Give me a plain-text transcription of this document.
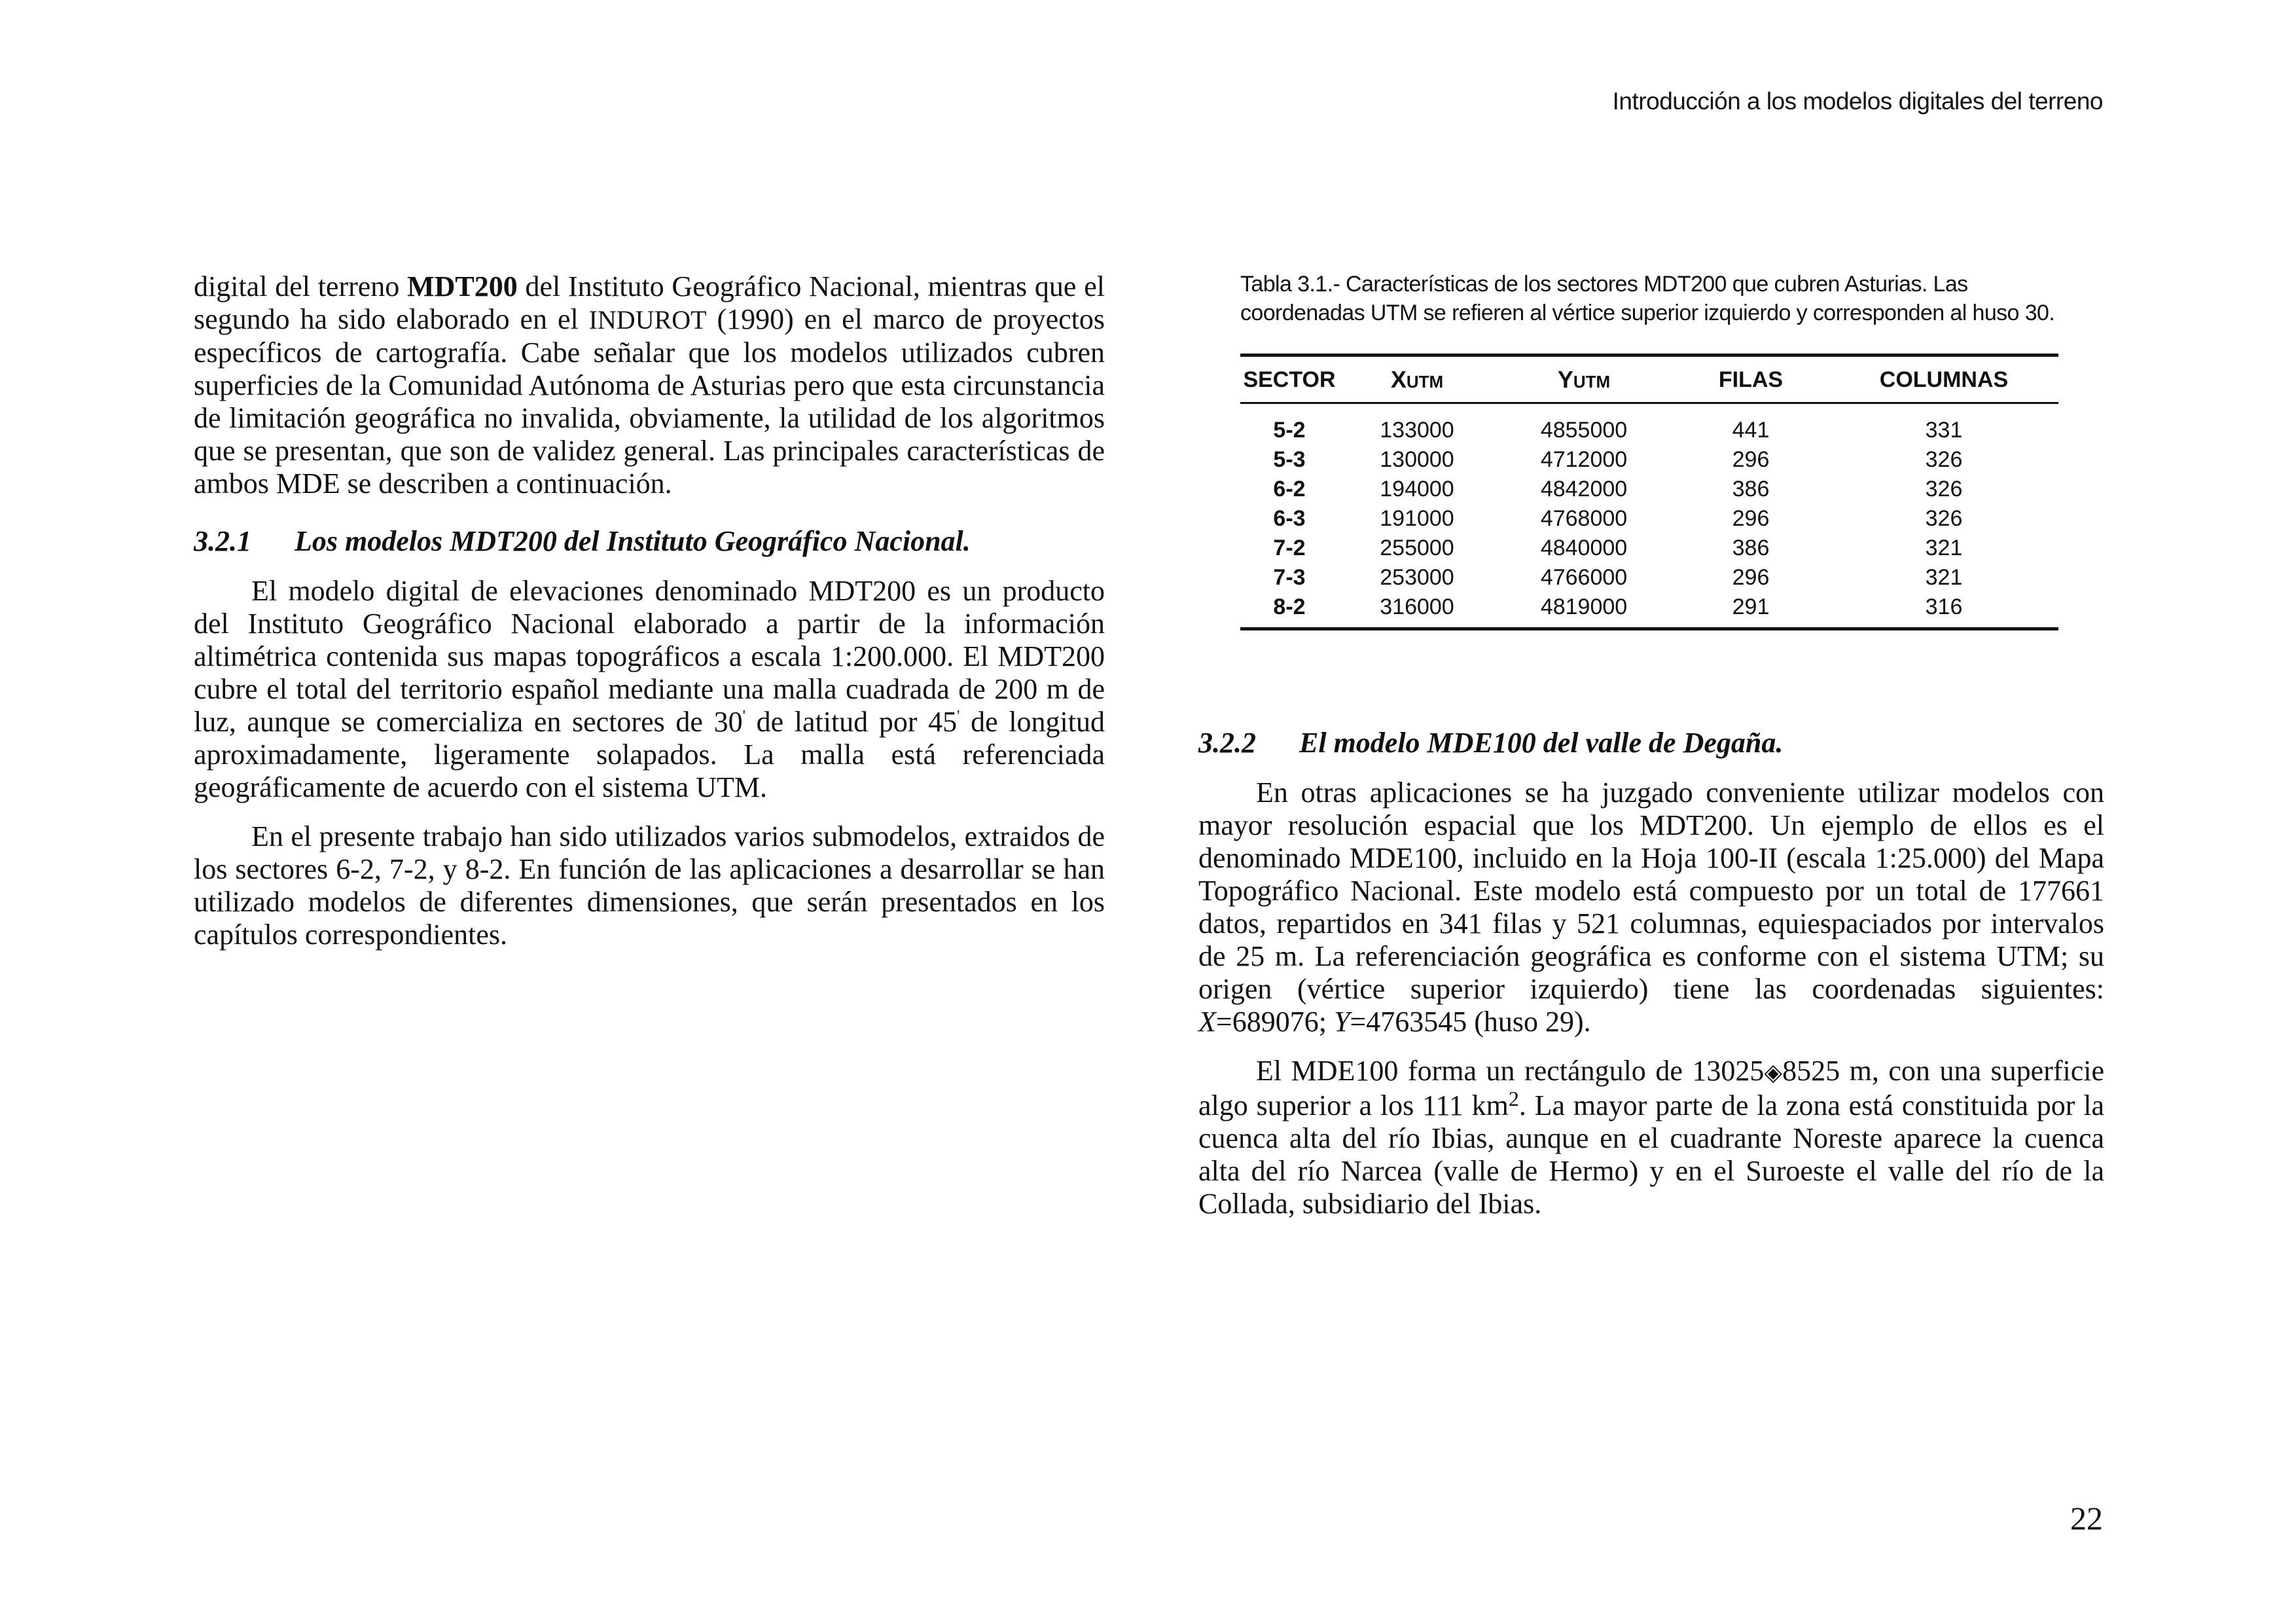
Introducción a los modelos digitales del terreno

digital del terreno MDT200 del Instituto Geográfico Nacional, mientras que el segundo ha sido elaborado en el INDUROT (1990) en el marco de proyectos específicos de cartografía. Cabe señalar que los modelos utilizados cubren superficies de la Comunidad Autónoma de Asturias pero que esta circunstancia de limitación geográfica no invalida, obviamente, la utilidad de los algoritmos que se presentan, que son de validez general. Las principales características de ambos MDE se describen a continuación.

3.2.1	Los modelos MDT200 del Instituto Geográfico Nacional.

El modelo digital de elevaciones denominado MDT200 es un producto del Instituto Geográfico Nacional elaborado a partir de la información altimétrica contenida sus mapas topográficos a escala 1:200.000. El MDT200 cubre el total del territorio español mediante una malla cuadrada de 200 m de luz, aunque se comercializa en sectores de 30' de latitud por 45' de longitud aproximadamente, ligeramente solapados. La malla está referenciada geográficamente de acuerdo con el sistema UTM.

En el presente trabajo han sido utilizados varios submodelos, extraidos de los sectores 6-2, 7-2, y 8-2. En función de las aplicaciones a desarrollar se han utilizado modelos de diferentes dimensiones, que serán presentados en los capítulos correspondientes.

Tabla 3.1.- Características de los sectores MDT200 que cubren Asturias. Las coordenadas UTM se refieren al vértice superior izquierdo y corresponden al huso 30.

SECTOR	XUTM	YUTM	FILAS	COLUMNAS
5-2	133000	4855000	441	331
5-3	130000	4712000	296	326
6-2	194000	4842000	386	326
6-3	191000	4768000	296	326
7-2	255000	4840000	386	321
7-3	253000	4766000	296	321
8-2	316000	4819000	291	316
3.2.2	El modelo MDE100 del valle de Degaña.

En otras aplicaciones se ha juzgado conveniente utilizar modelos con mayor resolución espacial que los MDT200. Un ejemplo de ellos es el denominado MDE100, incluido en la Hoja 100-II (escala 1:25.000) del Mapa Topográfico Nacional. Este modelo está compuesto por un total de 177661 datos, repartidos en 341 filas y 521 columnas, equiespaciados por intervalos de 25 m. La referenciación geográfica es conforme con el sistema UTM; su origen (vértice superior izquierdo) tiene las coordenadas siguientes: X=689076; Y=4763545 (huso 29).

El MDE100 forma un rectángulo de 13025◈8525 m, con una superficie algo superior a los 111 $km^2$. La mayor parte de la zona está constituida por la cuenca alta del río Ibias, aunque en el cuadrante Noreste aparece la cuenca alta del río Narcea (valle de Hermo) y en el Suroeste el valle del río de la Collada, subsidiario del Ibias.

22
